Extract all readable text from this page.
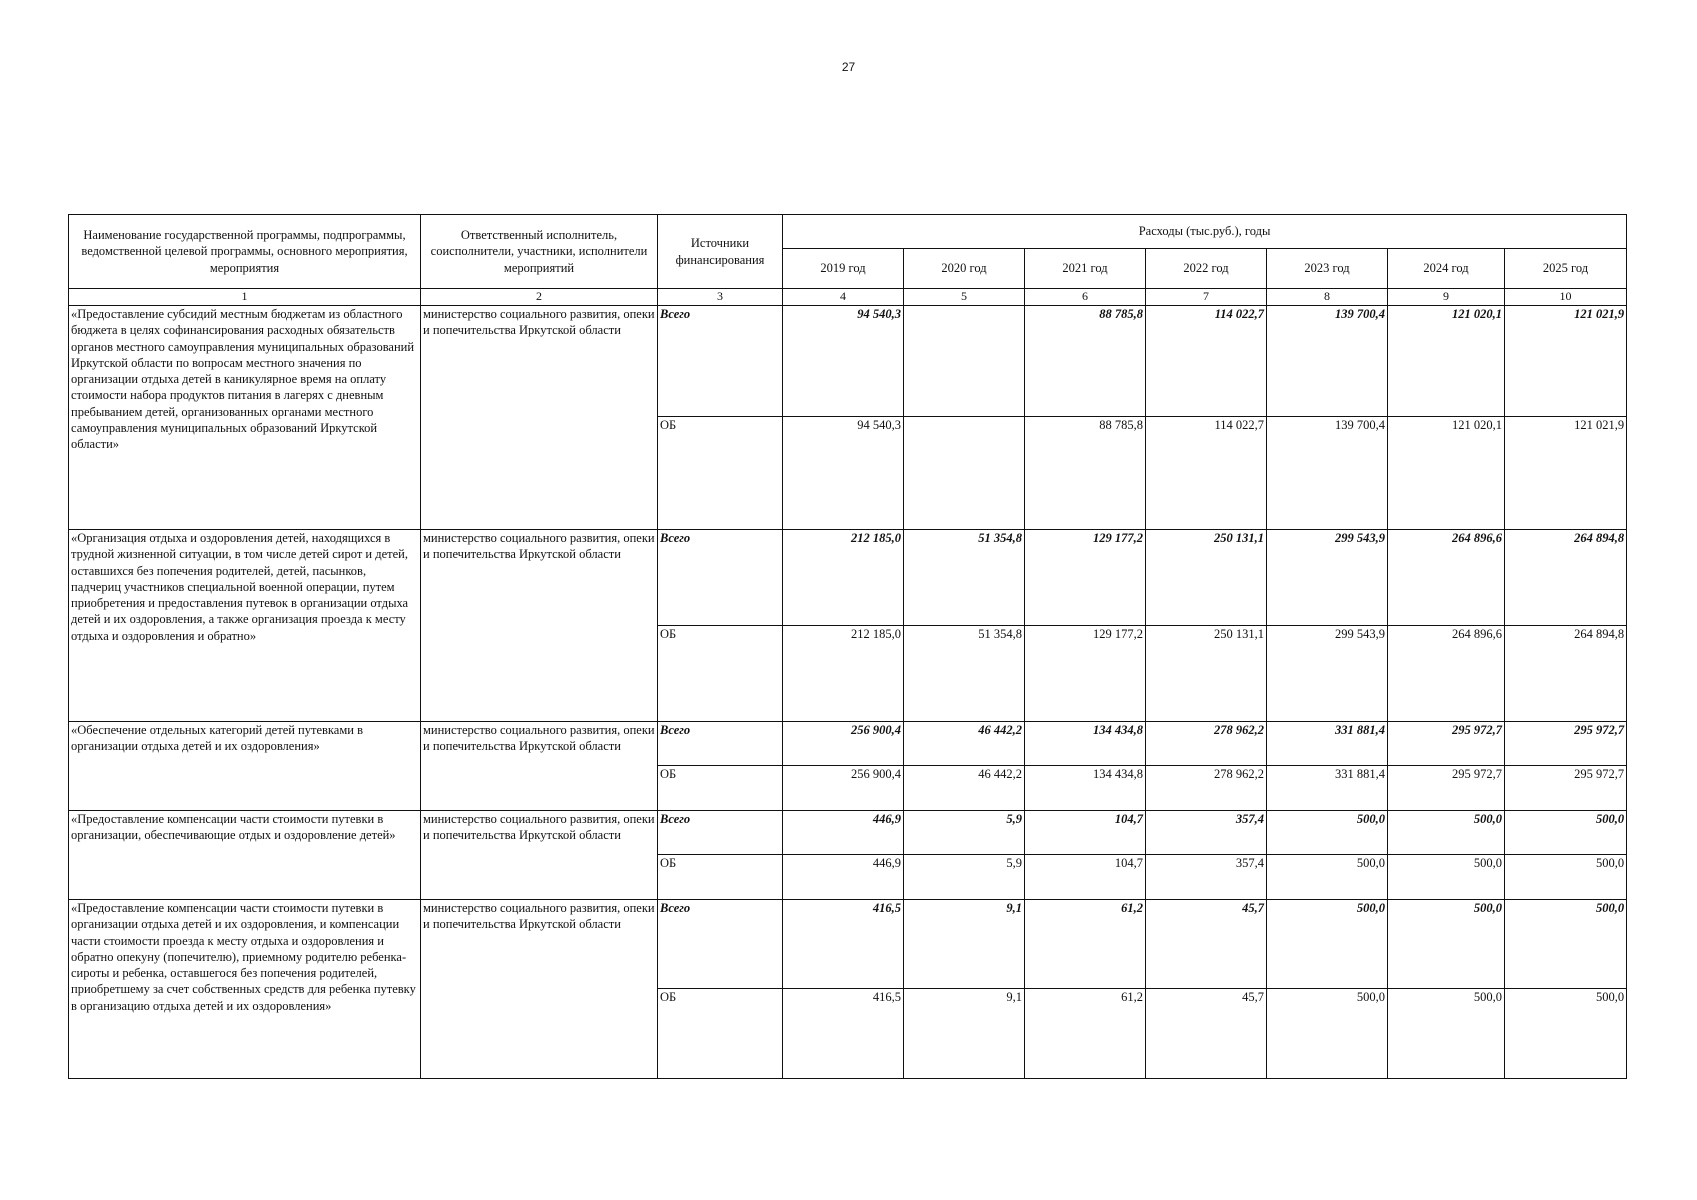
27
Наименование государственной программы, подпрограммы, ведомственной целевой программы, основного мероприятия, мероприятия	Ответственный исполнитель, соисполнители, участники, исполнители мероприятий	Источники финансирования	Расходы (тыс.руб.), годы						
			2019 год	2020 год	2021 год	2022 год	2023 год	2024 год	2025 год
1	2	3	4	5	6	7	8	9	10
«Предоставление субсидий местным бюджетам из областного бюджета в целях софинансирования расходных обязательств органов местного самоуправления муниципальных образований Иркутской области по вопросам местного значения по организации отдыха детей в каникулярное время на оплату стоимости набора продуктов питания в лагерях с дневным пребыванием детей, организованных органами местного самоуправления муниципальных образований Иркутской области»	министерство социального развития, опеки и попечительства Иркутской области	Всего	94 540,3		88 785,8	114 022,7	139 700,4	121 020,1	121 021,9
		ОБ	94 540,3		88 785,8	114 022,7	139 700,4	121 020,1	121 021,9
«Организация отдыха и оздоровления детей, находящихся в трудной жизненной ситуации, в том числе детей сирот и детей, оставшихся без попечения родителей, детей, пасынков, падчериц участников специальной военной операции, путем приобретения и предоставления путевок в организации отдыха детей и их оздоровления, а также организация проезда к месту отдыха и оздоровления и обратно»	министерство социального развития, опеки и попечительства Иркутской области	Всего	212 185,0	51 354,8	129 177,2	250 131,1	299 543,9	264 896,6	264 894,8
		ОБ	212 185,0	51 354,8	129 177,2	250 131,1	299 543,9	264 896,6	264 894,8
«Обеспечение отдельных категорий детей путевками в организации отдыха детей и их оздоровления»	министерство социального развития, опеки и попечительства Иркутской области	Всего	256 900,4	46 442,2	134 434,8	278 962,2	331 881,4	295 972,7	295 972,7
		ОБ	256 900,4	46 442,2	134 434,8	278 962,2	331 881,4	295 972,7	295 972,7
«Предоставление компенсации части стоимости путевки в организации, обеспечивающие отдых и оздоровление детей»	министерство социального развития, опеки и попечительства Иркутской области	Всего	446,9	5,9	104,7	357,4	500,0	500,0	500,0
		ОБ	446,9	5,9	104,7	357,4	500,0	500,0	500,0
«Предоставление компенсации части стоимости путевки в организации отдыха детей и их оздоровления, и компенсации части стоимости проезда к месту отдыха и оздоровления и обратно опекуну (попечителю), приемному родителю ребенка-сироты и ребенка, оставшегося без попечения родителей, приобретшему за счет собственных средств для ребенка путевку в организацию отдыха детей и их оздоровления»	министерство социального развития, опеки и попечительства Иркутской области	Всего	416,5	9,1	61,2	45,7	500,0	500,0	500,0
		ОБ	416,5	9,1	61,2	45,7	500,0	500,0	500,0
